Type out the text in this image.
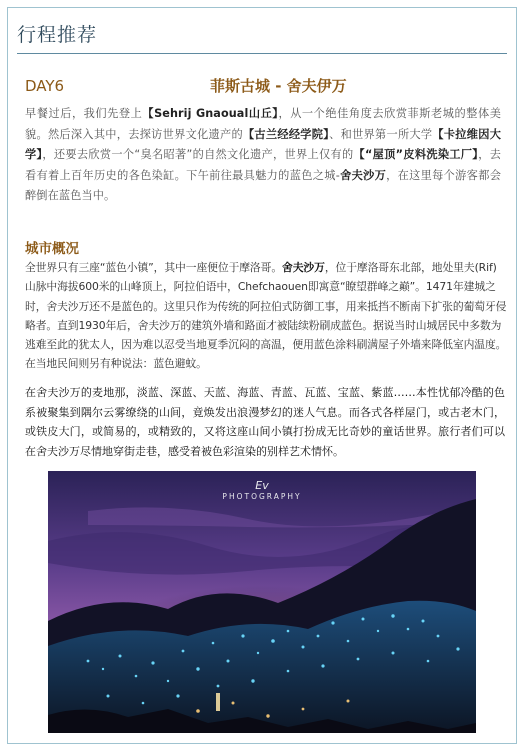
行程推荐
DAY6	菲斯古城 - 舍夫伊万
早餐过后，我们先登上【Sehrij Gnaoual山丘】，从一个绝佳角度去欣赏菲斯老城的整体美貌。然后深入其中，去探访世界文化遗产的【古兰经经学院】、和世界第一所大学【卡拉维因大学】，还要去欣赏一个“臭名昭著”的自然文化遗产，世界上仅有的【“屋顶”皮料洗染工厂】，去看有着上百年历史的各色染缸。下午前往最具魅力的蓝色之城-舍夫沙万，在这里每个游客都会醉倒在蓝色当中。
城市概况
全世界只有三座“蓝色小镇”，其中一座便位于摩洛哥。舍夫沙万，位于摩洛哥东北部，地处里夫(Rif)山脉中海拔600米的山峰顶上，阿拉伯语中，Chefchaouen即寓意“瞭望群峰之巅”。1471年建城之时，舍夫沙万还不是蓝色的。这里只作为传统的阿拉伯式防御工事，用来抵挡不断南下扩张的葡萄牙侵略者。直到1930年后，舍夫沙万的建筑外墙和路面才被陆续粉刷成蓝色。据说当时山城居民中多数为逃难至此的犹太人，因为难以忍受当地夏季沉闷的高温，便用蓝色涂料刷满屋子外墙来降低室内温度。在当地民间则另有种说法：蓝色避蚊。
在舍夫沙万的麦地那，淡蓝、深蓝、天蓝、海蓝、青蓝、瓦蓝、宝蓝、紫蓝……本性忧郁冷酷的色系被聚集到隅尔云雾缭绕的山间，竟焕发出浪漫梦幻的迷人气息。而各式各样屋门，或古老木门，或铁皮大门，或简易的，或精致的，又将这座山间小镇打扮成无比奇妙的童话世界。旅行者们可以在舍夫沙万尽情地穿街走巷，感受着被色彩渲染的别样艺术情怀。
Ev
PHOTOGRAPHY
